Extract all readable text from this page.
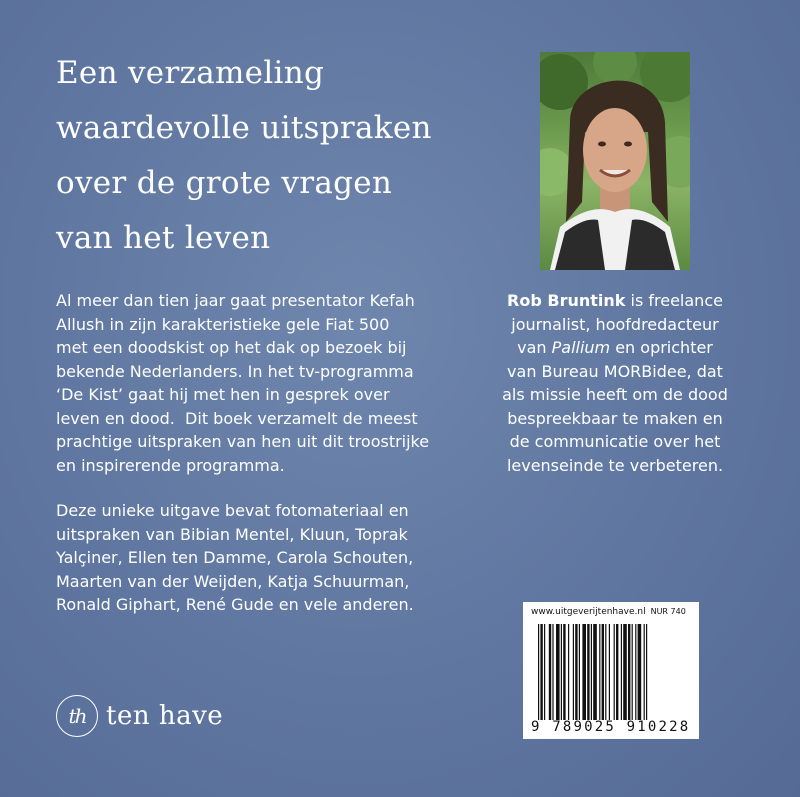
Een verzameling
waardevolle uitspraken
over de grote vragen
van het leven
Al meer dan tien jaar gaat presentator Kefah
Allush in zijn karakteristieke gele Fiat 500
met een doodskist op het dak op bezoek bij
bekende Nederlanders. In het tv-programma
‘De Kist’ gaat hij met hen in gesprek over
leven en dood.  Dit boek verzamelt de meest
prachtige uitspraken van hen uit dit troostrijke
en inspirerende programma.
Deze unieke uitgave bevat fotomateriaal en
uitspraken van Bibian Mentel, Kluun, Toprak
Yalçiner, Ellen ten Damme, Carola Schouten,
Maarten van der Weijden, Katja Schuurman,
Ronald Giphart, René Gude en vele anderen.
Rob Bruntink is freelance
journalist, hoofdredacteur
van Pallium en oprichter
van Bureau MORBidee, dat
als missie heeft om de dood
bespreekbaar te maken en
de communicatie over het
levenseinde te verbeteren.
www.uitgeverijtenhave.nl NUR 740
9 789025 910228
th ten have
